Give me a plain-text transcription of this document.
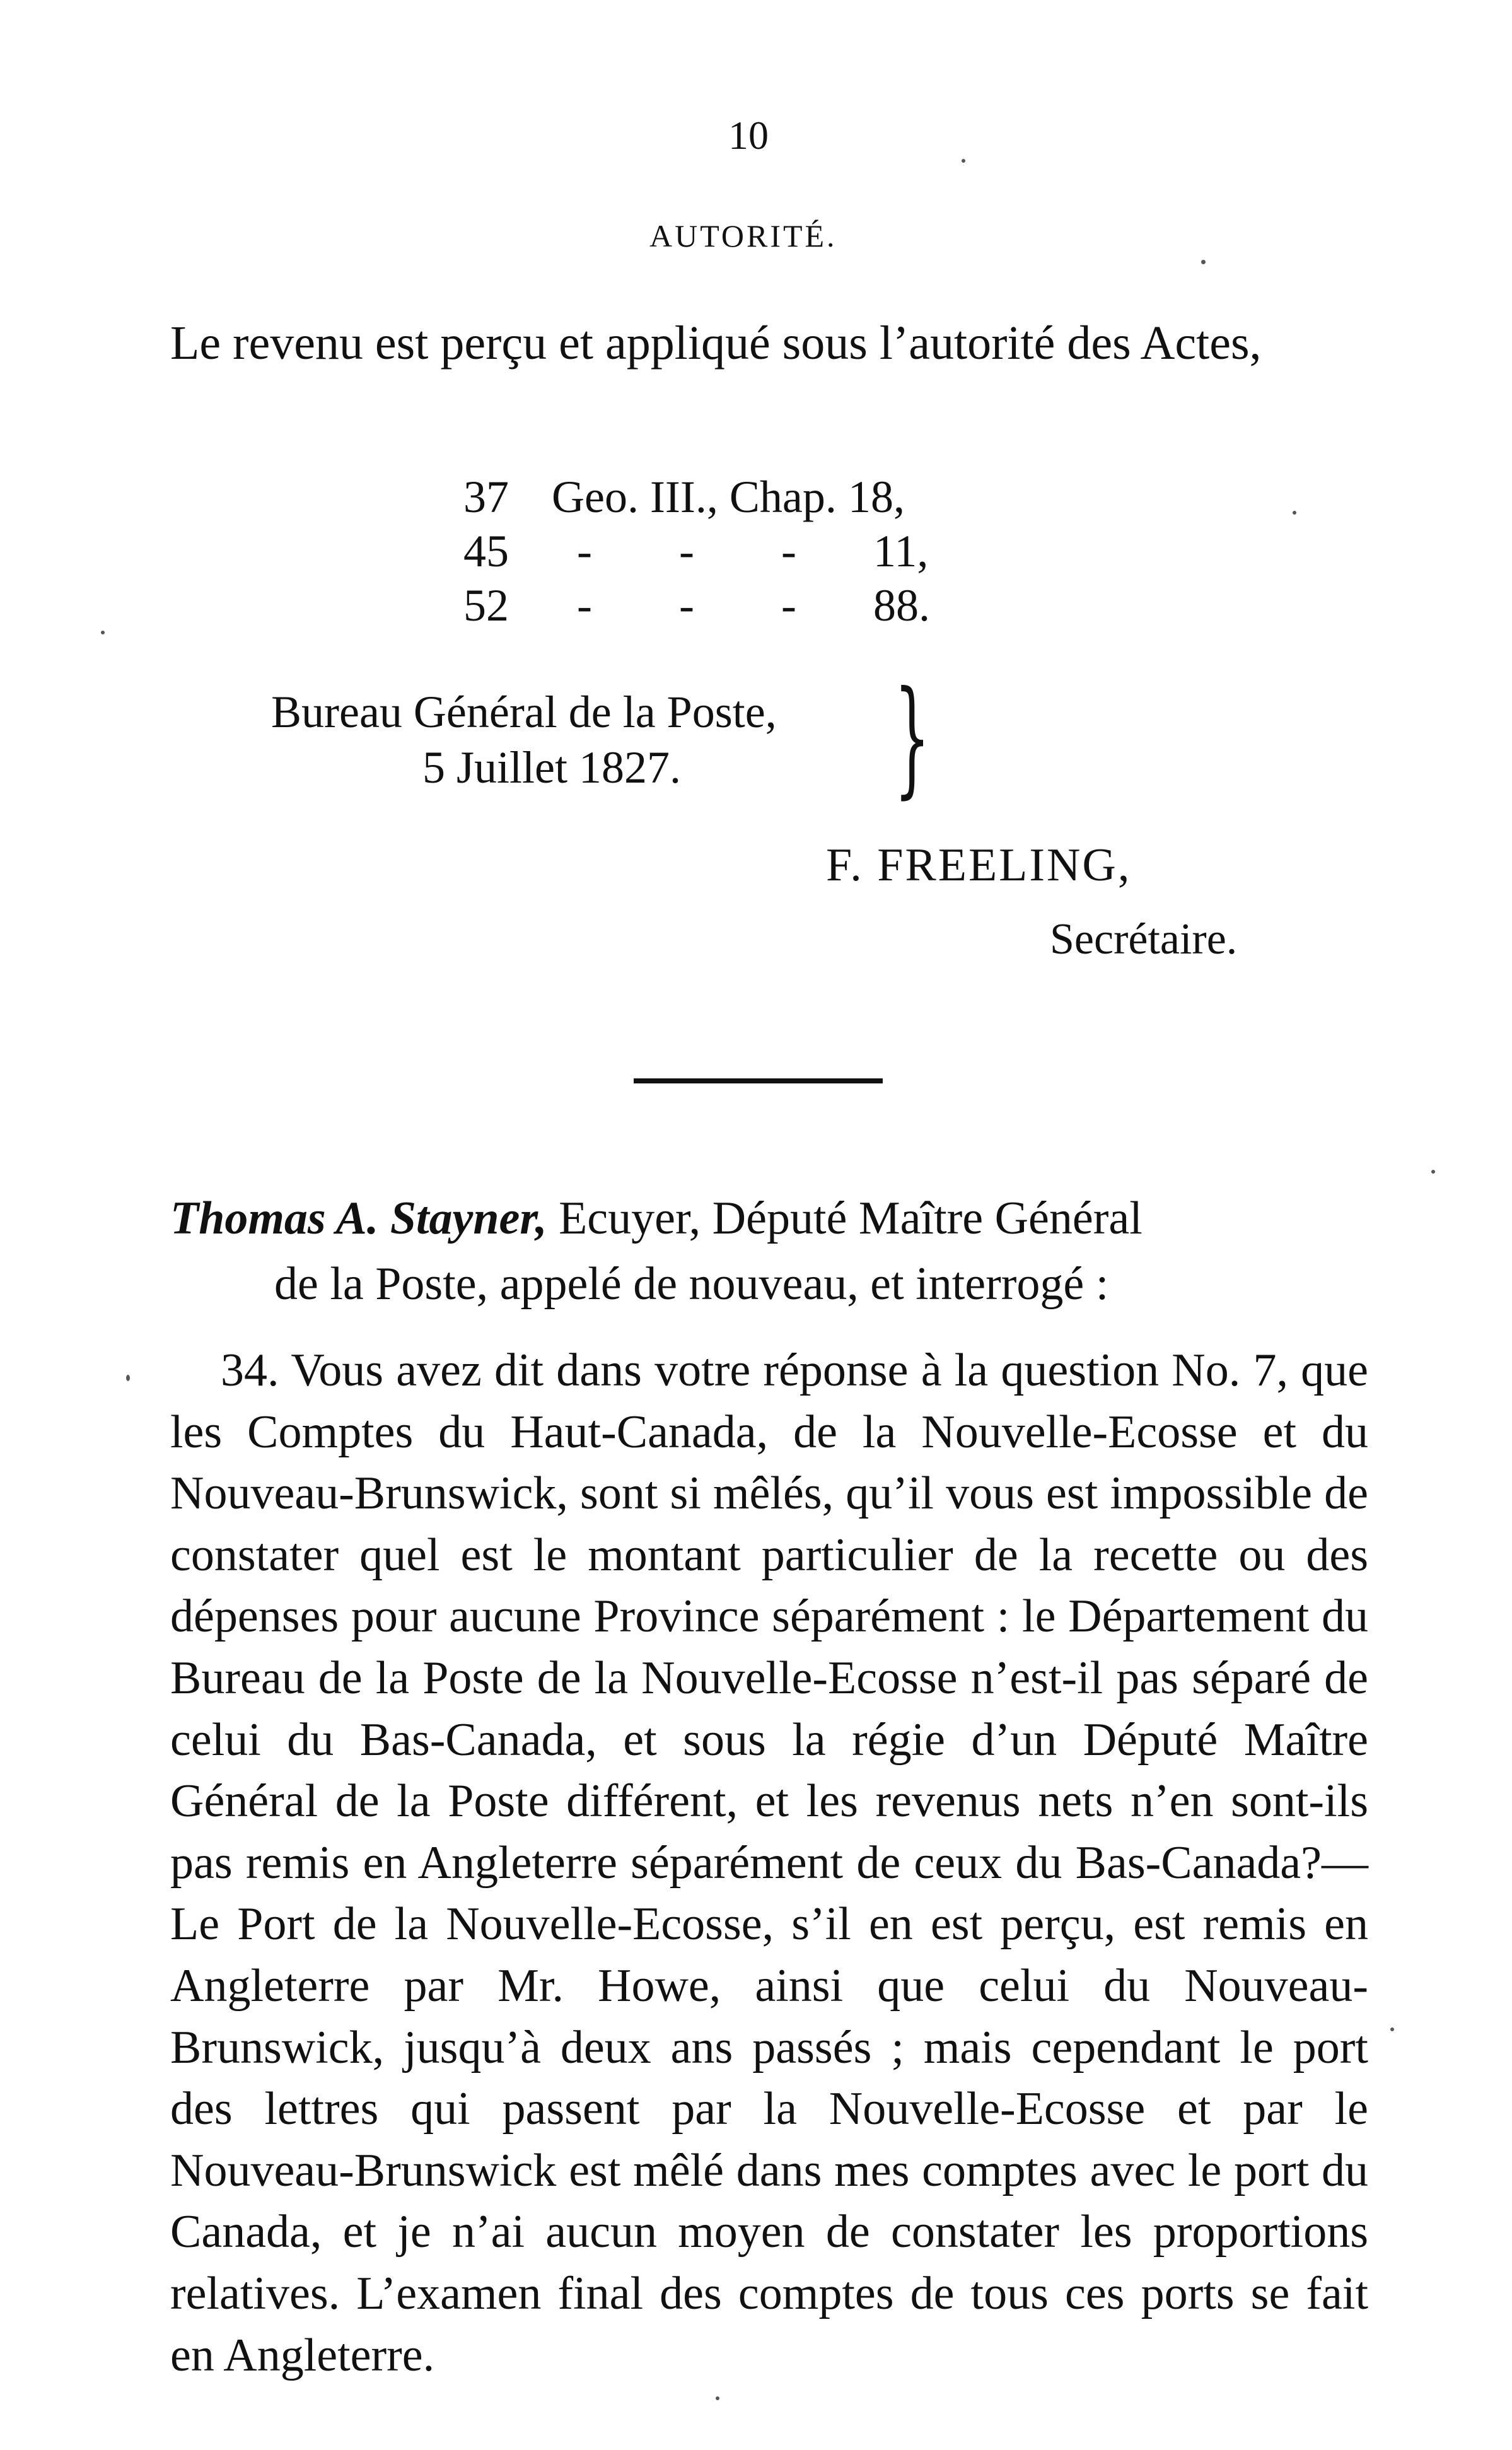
10
AUTORITÉ.
Le revenu est perçu et appliqué sous l’autorité des Actes,
37 Geo. III., Chap. 18,
45	- - - 11,
52	- - - 88.
Bureau Général de la Poste,
5 Juillet 1827.	}
F. FREELING,
Secrétaire.
Thomas A. Stayner, Ecuyer, Député Maître Général
de la Poste, appelé de nouveau, et interrogé :
34. Vous avez dit dans votre réponse à la question No. 7, que les Comptes du Haut-Canada, de la Nouvelle-Ecosse et du Nouveau-Brunswick, sont si mêlés, qu’il vous est impossible de constater quel est le montant particulier de la recette ou des dépenses pour aucune Province séparément : le Département du Bureau de la Poste de la Nouvelle-Ecosse n’est-il pas séparé de celui du Bas-Canada, et sous la régie d’un Député Maître Général de la Poste différent, et les revenus nets n’en sont-ils pas remis en Angleterre séparément de ceux du Bas-Canada?—Le Port de la Nouvelle-Ecosse, s’il en est perçu, est remis en Angleterre par Mr. Howe, ainsi que celui du Nouveau-Brunswick, jusqu’à deux ans passés ; mais cependant le port des lettres qui passent par la Nouvelle-Ecosse et par le Nouveau-Brunswick est mêlé dans mes comptes avec le port du Canada, et je n’ai aucun moyen de constater les proportions relatives. L’examen final des comptes de tous ces ports se fait en Angleterre.
